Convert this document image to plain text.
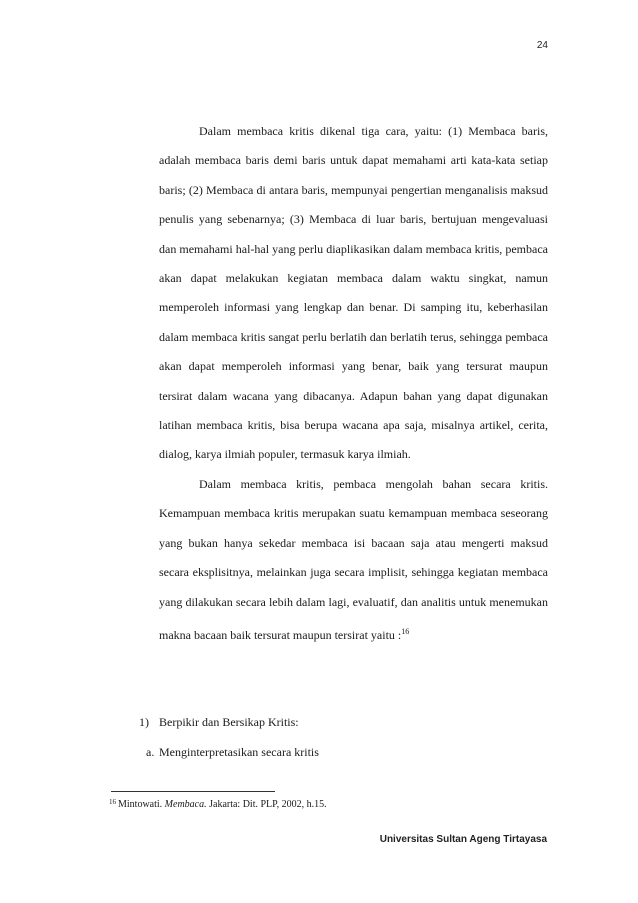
24

Dalam membaca kritis dikenal tiga cara, yaitu: (1) Membaca baris, adalah membaca baris demi baris untuk dapat memahami arti kata-kata setiap baris; (2) Membaca di antara baris, mempunyai pengertian menganalisis maksud penulis yang sebenarnya; (3) Membaca di luar baris, bertujuan mengevaluasi dan memahami hal-hal yang perlu diaplikasikan dalam membaca kritis, pembaca akan dapat melakukan kegiatan membaca dalam waktu singkat, namun memperoleh informasi yang lengkap dan benar. Di samping itu, keberhasilan dalam membaca kritis sangat perlu berlatih dan berlatih terus, sehingga pembaca akan dapat memperoleh informasi yang benar, baik yang tersurat maupun tersirat dalam wacana yang dibacanya. Adapun bahan yang dapat digunakan latihan membaca kritis, bisa berupa wacana apa saja, misalnya artikel, cerita, dialog, karya ilmiah populer, termasuk karya ilmiah.

Dalam membaca kritis, pembaca mengolah bahan secara kritis. Kemampuan membaca kritis merupakan suatu kemampuan membaca seseorang yang bukan hanya sekedar membaca isi bacaan saja atau mengerti maksud secara eksplisitnya, melainkan juga secara implisit, sehingga kegiatan membaca yang dilakukan secara lebih dalam lagi, evaluatif, dan analitis untuk menemukan makna bacaan baik tersurat maupun tersirat yaitu :$^{16}$

1) Berpikir dan Bersikap Kritis:
a. Menginterpretasikan secara kritis
$^{16}$ Mintowati. Membaca. Jakarta: Dit. PLP, 2002, h.15.
Universitas Sultan Ageng Tirtayasa
